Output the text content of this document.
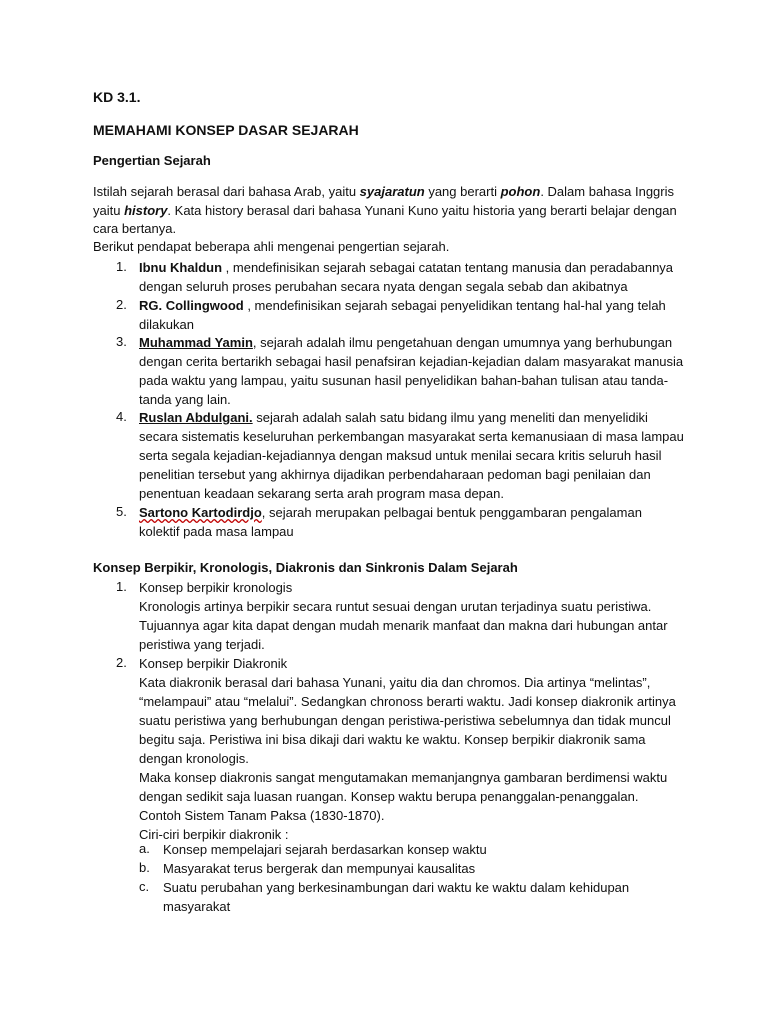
KD 3.1.
MEMAHAMI KONSEP DASAR SEJARAH
Pengertian Sejarah
Istilah sejarah berasal dari bahasa Arab, yaitu syajaratun yang berarti pohon. Dalam bahasa Inggris
yaitu history. Kata history berasal dari bahasa Yunani Kuno yaitu historia yang berarti belajar dengan
cara bertanya.
Berikut pendapat beberapa ahli mengenai pengertian sejarah.
1. Ibnu Khaldun , mendefinisikan sejarah sebagai catatan tentang manusia dan peradabannya dengan seluruh proses perubahan secara nyata dengan segala sebab dan akibatnya
2. RG. Collingwood , mendefinisikan sejarah sebagai penyelidikan tentang hal-hal yang telah dilakukan
3. Muhammad Yamin, sejarah adalah ilmu pengetahuan dengan umumnya yang berhubungan dengan cerita bertarikh sebagai hasil penafsiran kejadian-kejadian dalam masyarakat manusia pada waktu yang lampau, yaitu susunan hasil penyelidikan bahan-bahan tulisan atau tanda-tanda yang lain.
4. Ruslan Abdulgani. sejarah adalah salah satu bidang ilmu yang meneliti dan menyelidiki secara sistematis keseluruhan perkembangan masyarakat serta kemanusiaan di masa lampau serta segala kejadian-kejadiannya dengan maksud untuk menilai secara kritis seluruh hasil penelitian tersebut yang akhirnya dijadikan perbendaharaan pedoman bagi penilaian dan penentuan keadaan sekarang serta arah program masa depan.
5. Sartono Kartodirdjo, sejarah merupakan pelbagai bentuk penggambaran pengalaman kolektif pada masa lampau
Konsep Berpikir, Kronologis, Diakronis dan Sinkronis Dalam Sejarah
1. Konsep berpikir kronologis
Kronologis artinya berpikir secara runtut sesuai dengan urutan terjadinya suatu peristiwa. Tujuannya agar kita dapat dengan mudah menarik manfaat dan makna dari hubungan antar peristiwa yang terjadi.
2. Konsep berpikir Diakronik
Kata diakronik berasal dari bahasa Yunani, yaitu dia dan chromos. Dia artinya “melintas”, “melampaui” atau “melalui”. Sedangkan chronoss berarti waktu. Jadi konsep diakronik artinya suatu peristiwa yang berhubungan dengan peristiwa-peristiwa sebelumnya dan tidak muncul begitu saja. Peristiwa ini bisa dikaji dari waktu ke waktu. Konsep berpikir diakronik sama dengan kronologis.
Maka konsep diakronis sangat mengutamakan memanjangnya gambaran berdimensi waktu dengan sedikit saja luasan ruangan. Konsep waktu berupa penanggalan-penanggalan.
Contoh Sistem Tanam Paksa (1830-1870).
Ciri-ciri berpikir diakronik :
a. Konsep mempelajari sejarah berdasarkan konsep waktu
b. Masyarakat terus bergerak dan mempunyai kausalitas
c. Suatu perubahan yang berkesinambungan dari waktu ke waktu dalam kehidupan masyarakat
